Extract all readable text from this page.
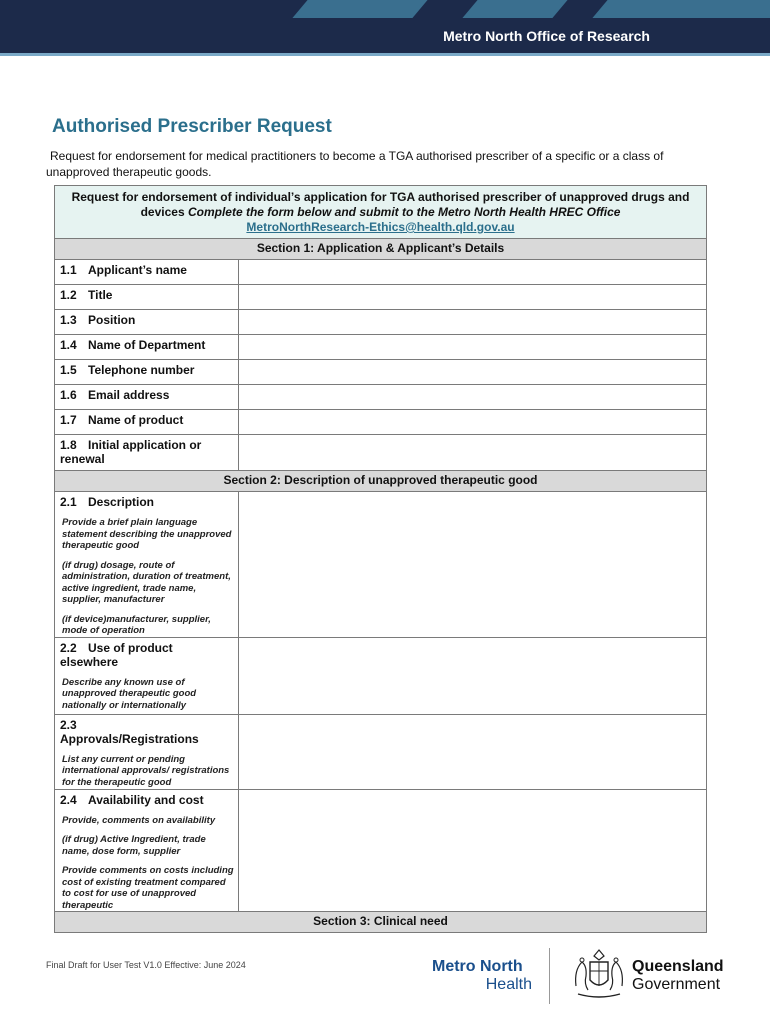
Metro North Office of Research
Authorised Prescriber Request
Request for endorsement for medical practitioners to become a TGA authorised prescriber of a specific or a class of unapproved therapeutic goods.
Request for endorsement of individual’s application for TGA authorised prescriber of unapproved drugs and devices Complete the form below and submit to the Metro North Health HREC Office
MetroNorthResearch-Ethics@health.qld.gov.au	
Section 1: Application & Applicant’s Details	
1.1 Applicant’s name	
1.2 Title	
1.3 Position	
1.4 Name of Department	
1.5 Telephone number	
1.6 Email address	
1.7 Name of product	
1.8 Initial application or renewal	
Section 2: Description of unapproved therapeutic good	
2.1 Description
Provide a brief plain language statement describing the unapproved therapeutic good
(if drug) dosage, route of administration, duration of treatment, active ingredient, trade name, supplier, manufacturer
(if device)manufacturer, supplier, mode of operation	

2.2 Use of product elsewhere
Describe any known use of unapproved therapeutic good nationally or internationally	

2.3
Approvals/Registrations
List any current or pending international approvals/ registrations for the therapeutic good	

2.4 Availability and cost
Provide, comments on availability
(if drug) Active Ingredient, trade name, dose form, supplier
Provide comments on costs including cost of existing treatment compared to cost for use of unapproved therapeutic	

Section 3: Clinical need	
Final Draft for User Test V1.0 Effective: June 2024	Metro North
Health
Queensland
Government
